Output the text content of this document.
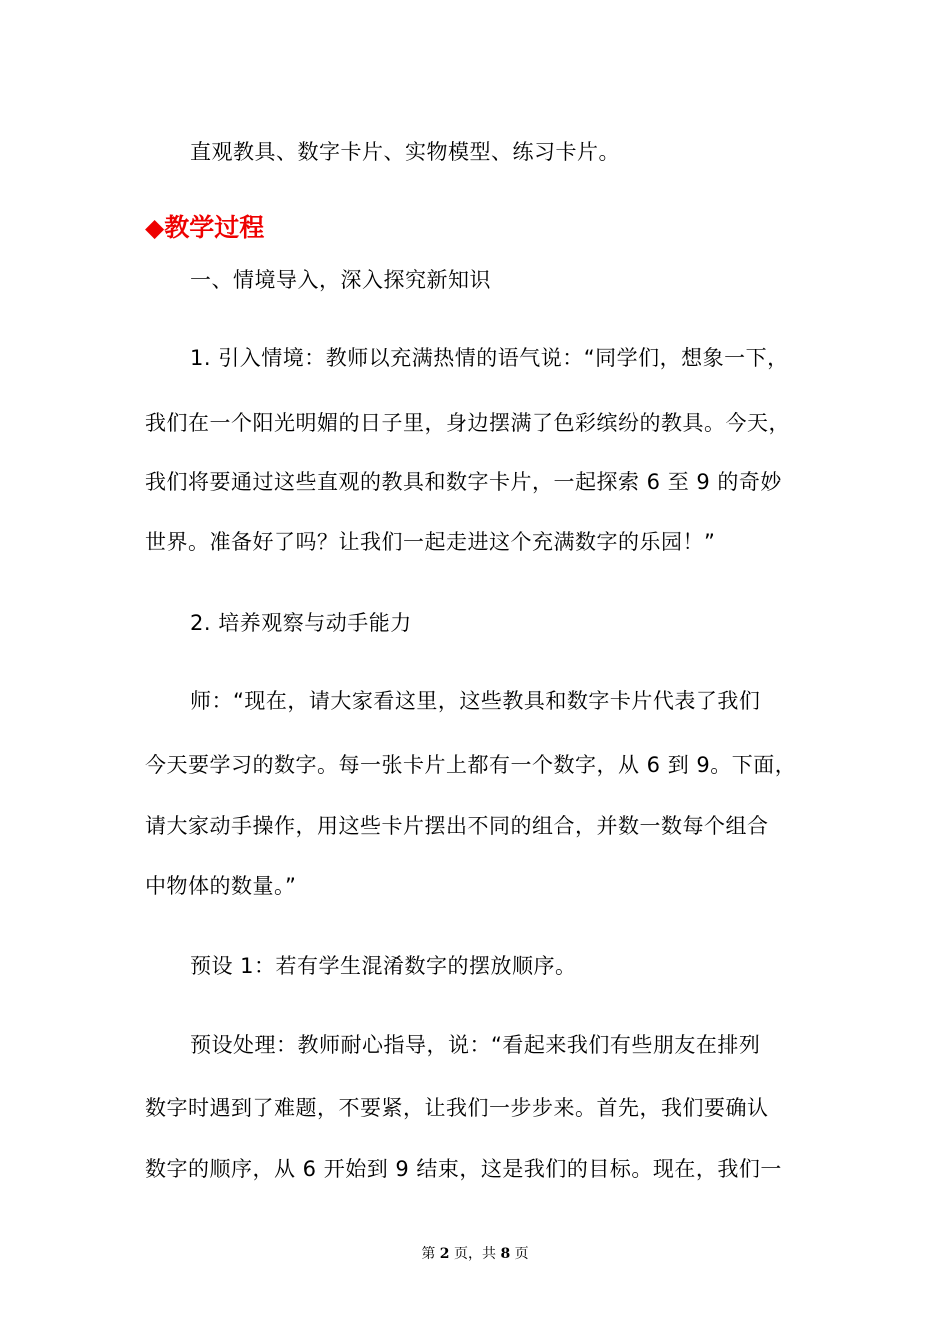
直观教具、数字卡片、实物模型、练习卡片。
◆教学过程
一、情境导入，深入探究新知识
1. 引入情境：教师以充满热情的语气说：“同学们，想象一下，
我们在一个阳光明媚的日子里，身边摆满了色彩缤纷的教具。今天，
我们将要通过这些直观的教具和数字卡片，一起探索 6 至 9 的奇妙
世界。准备好了吗？让我们一起走进这个充满数字的乐园！”
2. 培养观察与动手能力
师：“现在，请大家看这里，这些教具和数字卡片代表了我们
今天要学习的数字。每一张卡片上都有一个数字，从 6 到 9。下面，
请大家动手操作，用这些卡片摆出不同的组合，并数一数每个组合
中物体的数量。”
预设 1：若有学生混淆数字的摆放顺序。
预设处理：教师耐心指导，说：“看起来我们有些朋友在排列
数字时遇到了难题，不要紧，让我们一步步来。首先，我们要确认
数字的顺序，从 6 开始到 9 结束，这是我们的目标。现在，我们一
第 2 页，共 8 页
